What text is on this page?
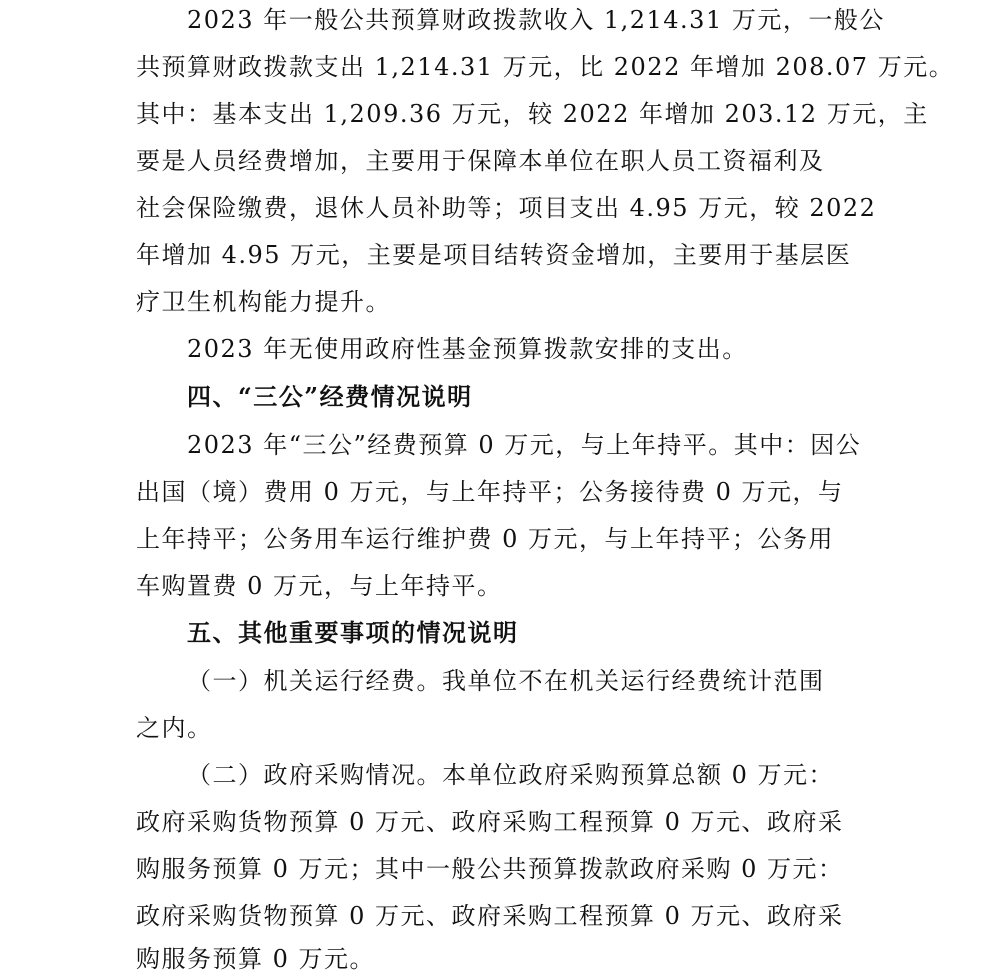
2023 年一般公共预算财政拨款收入 1,214.31 万元，一般公
共预算财政拨款支出 1,214.31 万元，比 2022 年增加 208.07 万元。
其中：基本支出 1,209.36 万元，较 2022 年增加 203.12 万元，主
要是人员经费增加，主要用于保障本单位在职人员工资福利及
社会保险缴费，退休人员补助等；项目支出 4.95 万元，较 2022
年增加 4.95 万元，主要是项目结转资金增加，主要用于基层医
疗卫生机构能力提升。
2023 年无使用政府性基金预算拨款安排的支出。
四、“三公”经费情况说明
2023 年“三公”经费预算 0 万元，与上年持平。其中：因公
出国（境）费用 0 万元，与上年持平；公务接待费 0 万元，与
上年持平；公务用车运行维护费 0 万元，与上年持平；公务用
车购置费 0 万元，与上年持平。
五、其他重要事项的情况说明
（一）机关运行经费。我单位不在机关运行经费统计范围
之内。
（二）政府采购情况。本单位政府采购预算总额 0 万元：
政府采购货物预算 0 万元、政府采购工程预算 0 万元、政府采
购服务预算 0 万元；其中一般公共预算拨款政府采购 0 万元：
政府采购货物预算 0 万元、政府采购工程预算 0 万元、政府采
购服务预算 0 万元。
